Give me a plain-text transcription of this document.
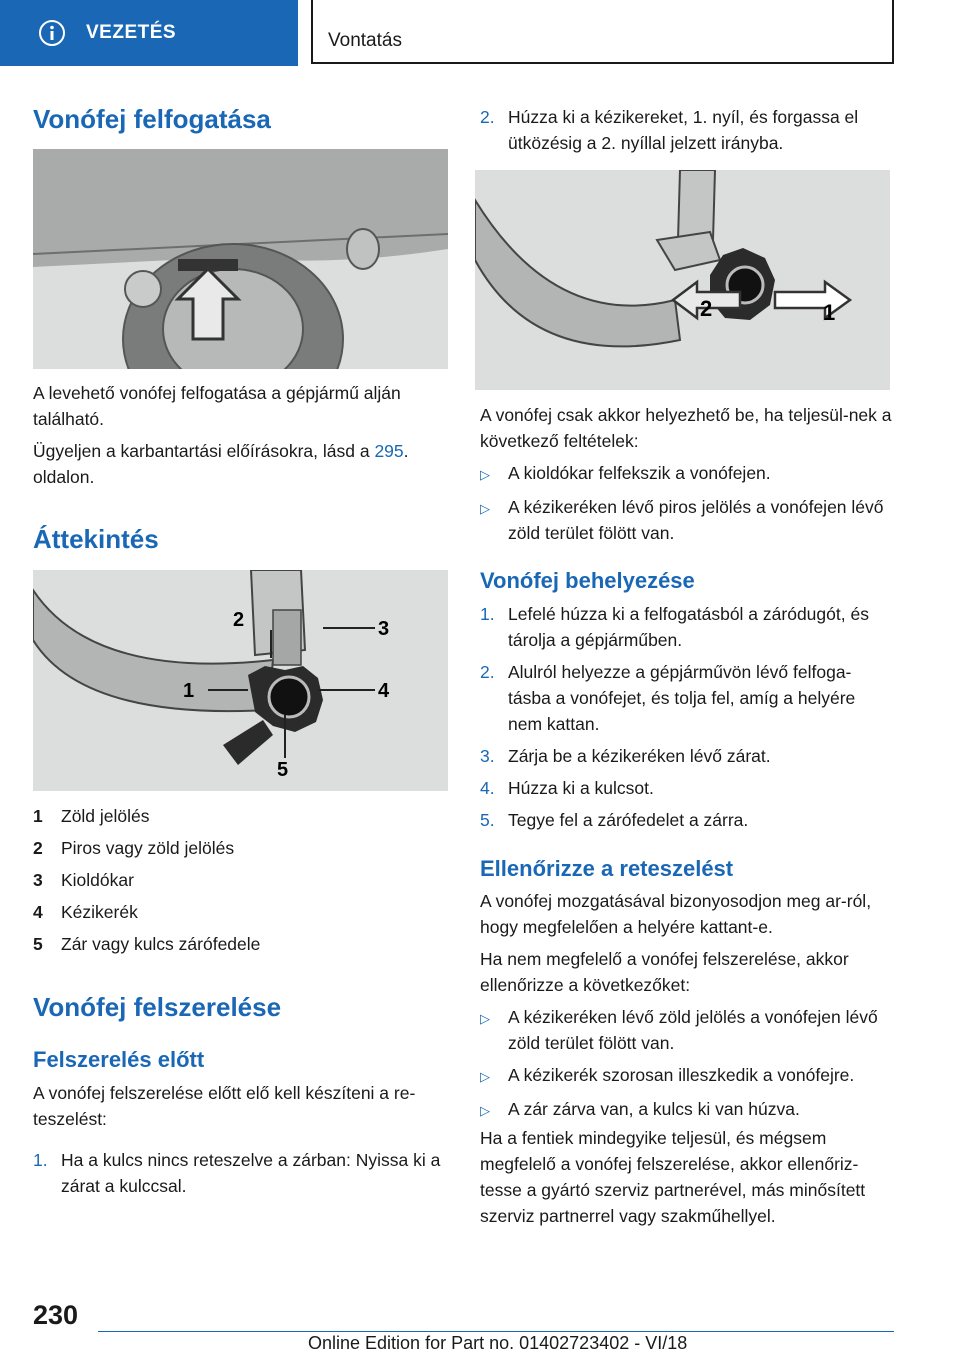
VEZETÉS	Vontatás
Vonófej felfogatása

A levehető vonófej felfogatása a gépjármű alján található.

Ügyeljen a karbantartási előírásokra, lásd a 295. oldalon.

Áttekintés
1
2	3
4
5
1	Zöld jelölés
2	Piros vagy zöld jelölés
3	Kioldókar
4	Kézikerék
5	Zár vagy kulcs zárófedele
Vonófej felszerelése
Felszerelés előtt

A vonófej felszerelése előtt elő kell készíteni a re-teszelést:

1. Ha a kulcs nincs reteszelve a zárban: Nyissa ki a zárat a kulccsal.
2. Húzza ki a kézikereket, 1. nyíl, és forgassa el ütközésig a 2. nyíllal jelzett irányba.
2	1

A vonófej csak akkor helyezhető be, ha teljesül-nek a következő feltételek:

▷	A kioldókar felfekszik a vonófejen.
▷	A kézikeréken lévő piros jelölés a vonófejen lévő zöld terület fölött van.
Vonófej behelyezése
1. Lefelé húzza ki a felfogatásból a záródugót, és tárolja a gépjárműben.
2. Alulról helyezze a gépjárművön lévő felfoga-tásba a vonófejet, és tolja fel, amíg a helyére nem kattan.
3. Zárja be a kézikeréken lévő zárat.
4. Húzza ki a kulcsot.
5. Tegye fel a zárófedelet a zárra.
Ellenőrizze a reteszelést

A vonófej mozgatásával bizonyosodjon meg ar-ról, hogy megfelelően a helyére kattant-e.

Ha nem megfelelő a vonófej felszerelése, akkor ellenőrizze a következőket:

▷	A kézikeréken lévő zöld jelölés a vonófejen lévő zöld terület fölött van.
▷	A kézikerék szorosan illeszkedik a vonófejre.
▷	A zár zárva van, a kulcs ki van húzva.

Ha a fentiek mindegyike teljesül, és mégsem megfelelő a vonófej felszerelése, akkor ellenőriz-tesse a gyártó szerviz partnerével, más minősített szerviz partnerrel vagy szakműhellyel.

230
Online Edition for Part no. 01402723402 - VI/18
